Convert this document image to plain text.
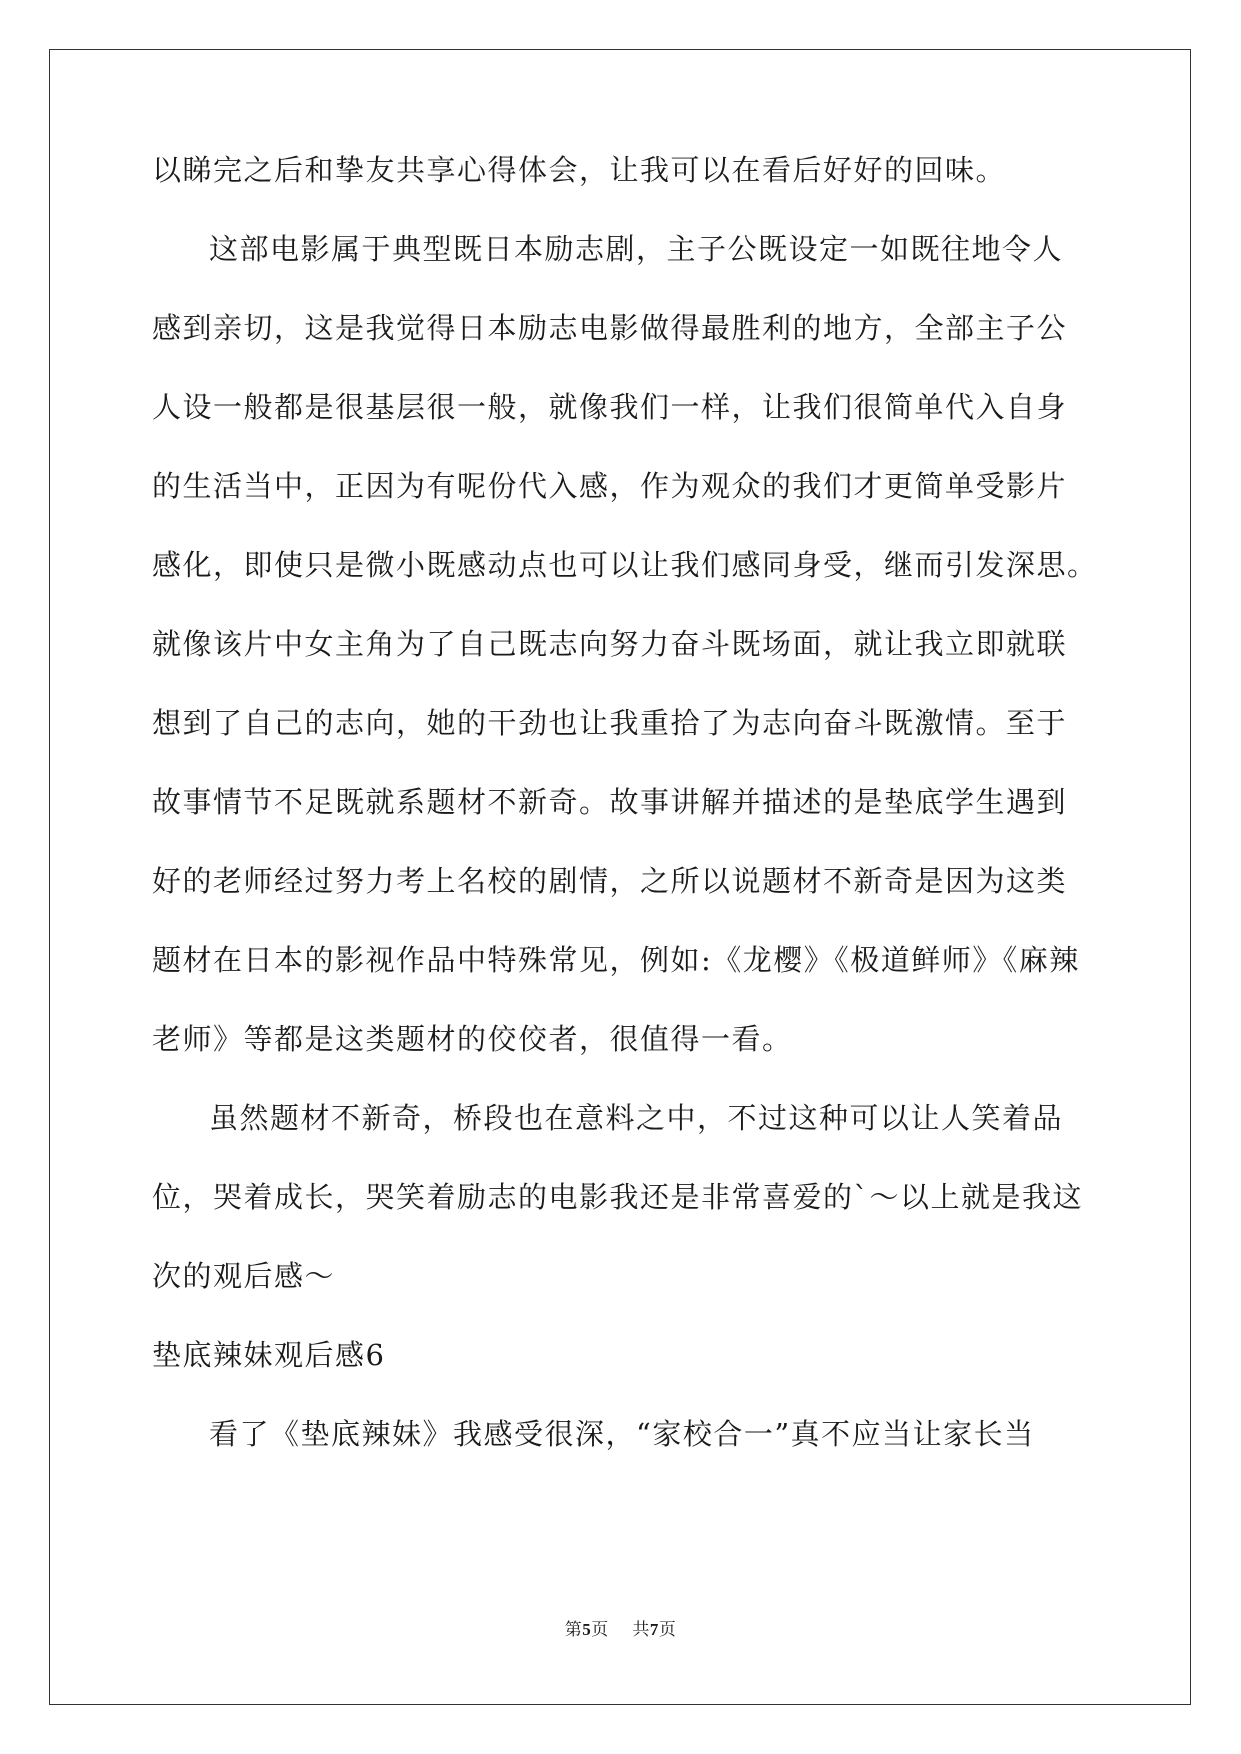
以睇完之后和挚友共享心得体会，让我可以在看后好好的回味。
这部电影属于典型既日本励志剧，主子公既设定一如既往地令人
感到亲切，这是我觉得日本励志电影做得最胜利的地方，全部主子公
人设一般都是很基层很一般，就像我们一样，让我们很简单代入自身
的生活当中，正因为有呢份代入感，作为观众的我们才更简单受影片
感化，即使只是微小既感动点也可以让我们感同身受，继而引发深思。
就像该片中女主角为了自己既志向努力奋斗既场面，就让我立即就联
想到了自己的志向，她的干劲也让我重拾了为志向奋斗既激情。至于
故事情节不足既就系题材不新奇。故事讲解并描述的是垫底学生遇到
好的老师经过努力考上名校的剧情，之所以说题材不新奇是因为这类
题材在日本的影视作品中特殊常见，例如:《龙樱》《极道鲜师》《麻辣
老师》等都是这类题材的佼佼者，很值得一看。
虽然题材不新奇，桥段也在意料之中，不过这种可以让人笑着品
位，哭着成长，哭笑着励志的电影我还是非常喜爱的`～以上就是我这
次的观后感～
垫底辣妹观后感6
看了《垫底辣妹》我感受很深，“家校合一”真不应当让家长当
第5页 共7页
